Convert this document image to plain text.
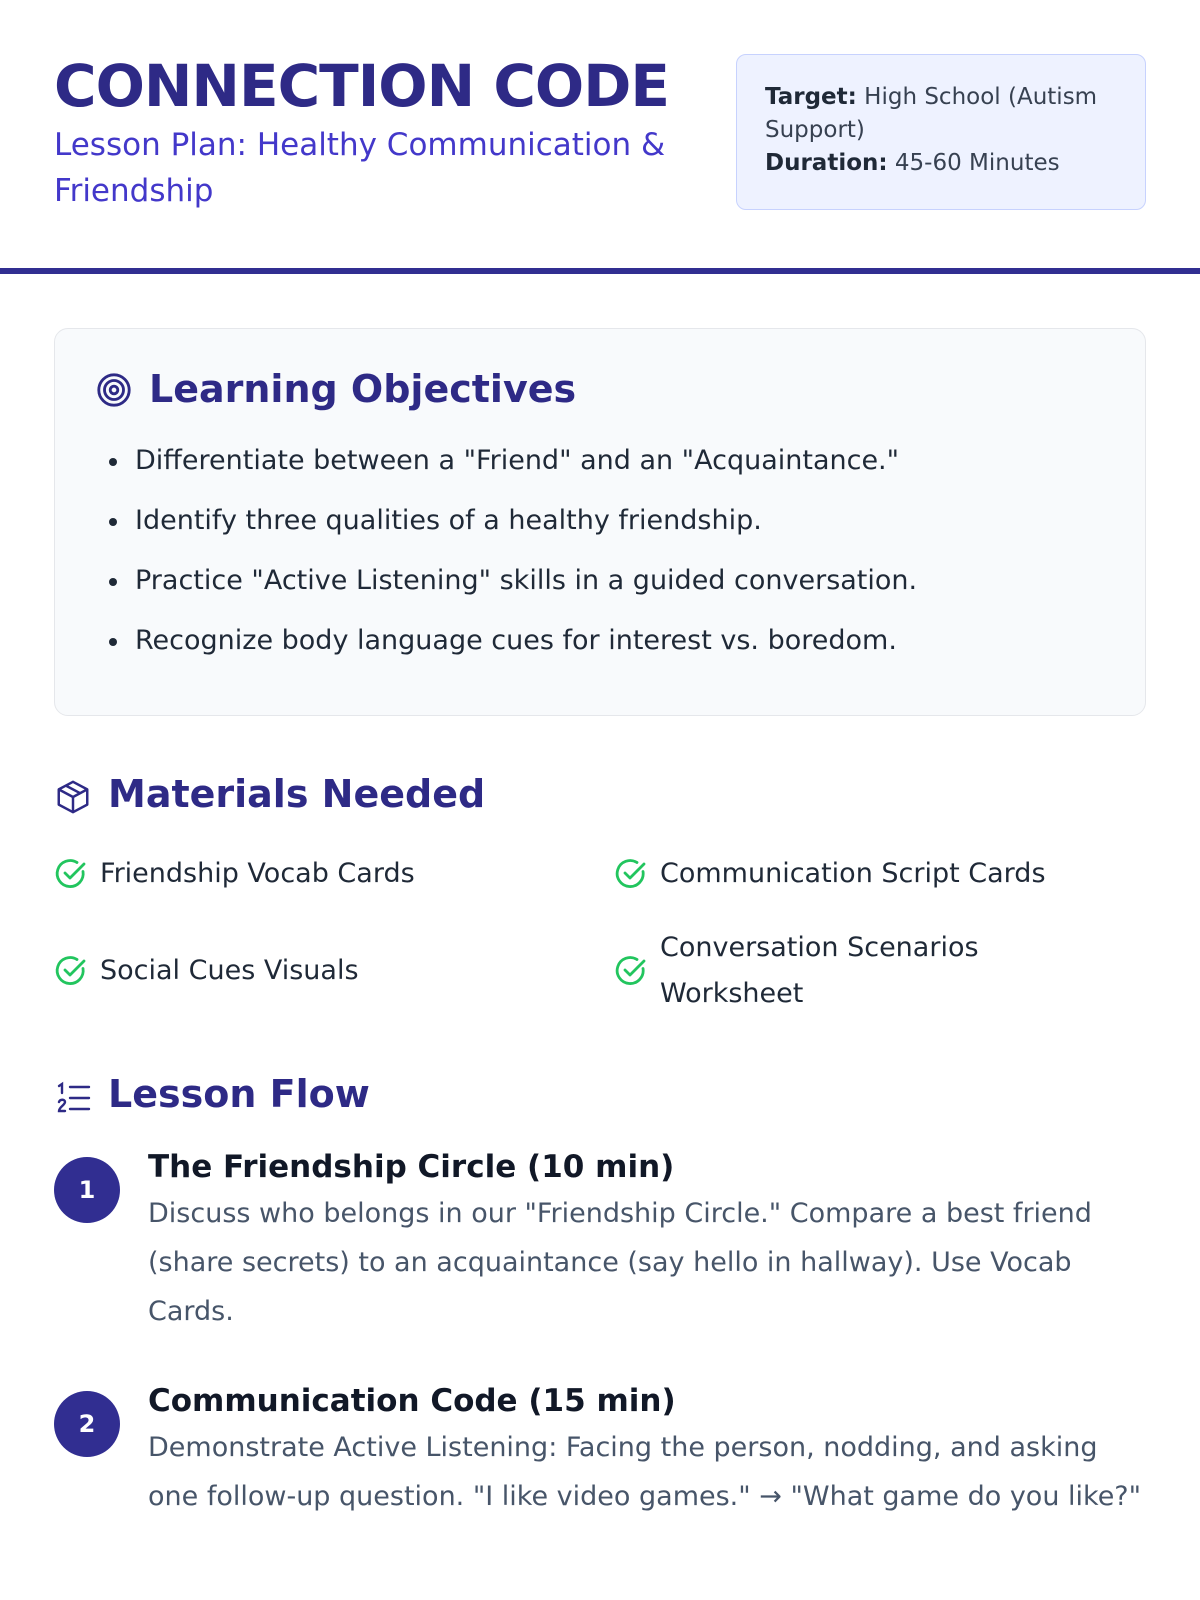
CONNECTION CODE
Lesson Plan: Healthy Communication & Friendship
Target: High School (Autism Support)
Duration: 45-60 Minutes
Learning Objectives
Differentiate between a "Friend" and an "Acquaintance."
Identify three qualities of a healthy friendship.
Practice "Active Listening" skills in a guided conversation.
Recognize body language cues for interest vs. boredom.
Materials Needed
Friendship Vocab Cards	Communication Script Cards
Social Cues Visuals
Conversation Scenarios Worksheet
Lesson Flow
1
The Friendship Circle (10 min)
Discuss who belongs in our "Friendship Circle." Compare a best friend (share secrets) to an acquaintance (say hello in hallway). Use Vocab Cards.
2
Communication Code (15 min)
Demonstrate Active Listening: Facing the person, nodding, and asking one follow-up question. "I like video games." → "What game do you like?"
